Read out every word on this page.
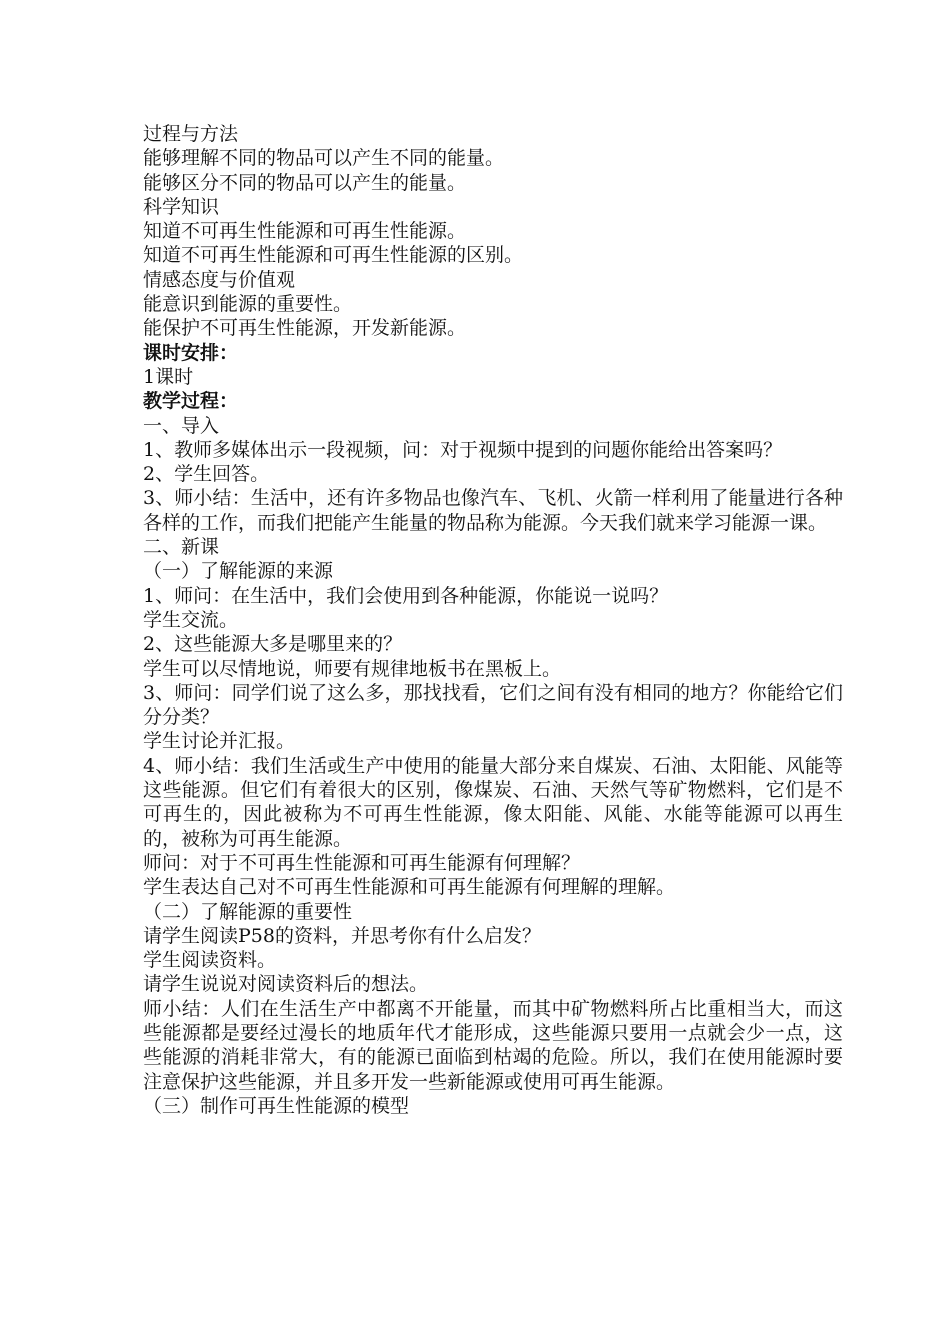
过程与方法

能够理解不同的物品可以产生不同的能量。

能够区分不同的物品可以产生的能量。

科学知识

知道不可再生性能源和可再生性能源。

知道不可再生性能源和可再生性能源的区别。

情感态度与价值观

能意识到能源的重要性。

能保护不可再生性能源，开发新能源。

课时安排：

1课时

教学过程：

一、导入

1、教师多媒体出示一段视频，问：对于视频中提到的问题你能给出答案吗？

2、学生回答。

3、师小结：生活中，还有许多物品也像汽车、飞机、火箭一样利用了能量进行各种各样的工作，而我们把能产生能量的物品称为能源。今天我们就来学习能源一课。

二、新课

（一）了解能源的来源

1、师问：在生活中，我们会使用到各种能源，你能说一说吗？

学生交流。

2、这些能源大多是哪里来的？

学生可以尽情地说，师要有规律地板书在黑板上。

3、师问：同学们说了这么多，那找找看，它们之间有没有相同的地方？你能给它们分分类？

学生讨论并汇报。

4、师小结：我们生活或生产中使用的能量大部分来自煤炭、石油、太阳能、风能等这些能源。但它们有着很大的区别，像煤炭、石油、天然气等矿物燃料，它们是不可再生的，因此被称为不可再生性能源，像太阳能、风能、水能等能源可以再生的，被称为可再生能源。

师问：对于不可再生性能源和可再生能源有何理解？

学生表达自己对不可再生性能源和可再生能源有何理解的理解。

（二）了解能源的重要性

请学生阅读P58的资料，并思考你有什么启发？

学生阅读资料。

请学生说说对阅读资料后的想法。

师小结：人们在生活生产中都离不开能量，而其中矿物燃料所占比重相当大，而这些能源都是要经过漫长的地质年代才能形成，这些能源只要用一点就会少一点，这些能源的消耗非常大，有的能源已面临到枯竭的危险。所以，我们在使用能源时要注意保护这些能源，并且多开发一些新能源或使用可再生能源。

（三）制作可再生性能源的模型
